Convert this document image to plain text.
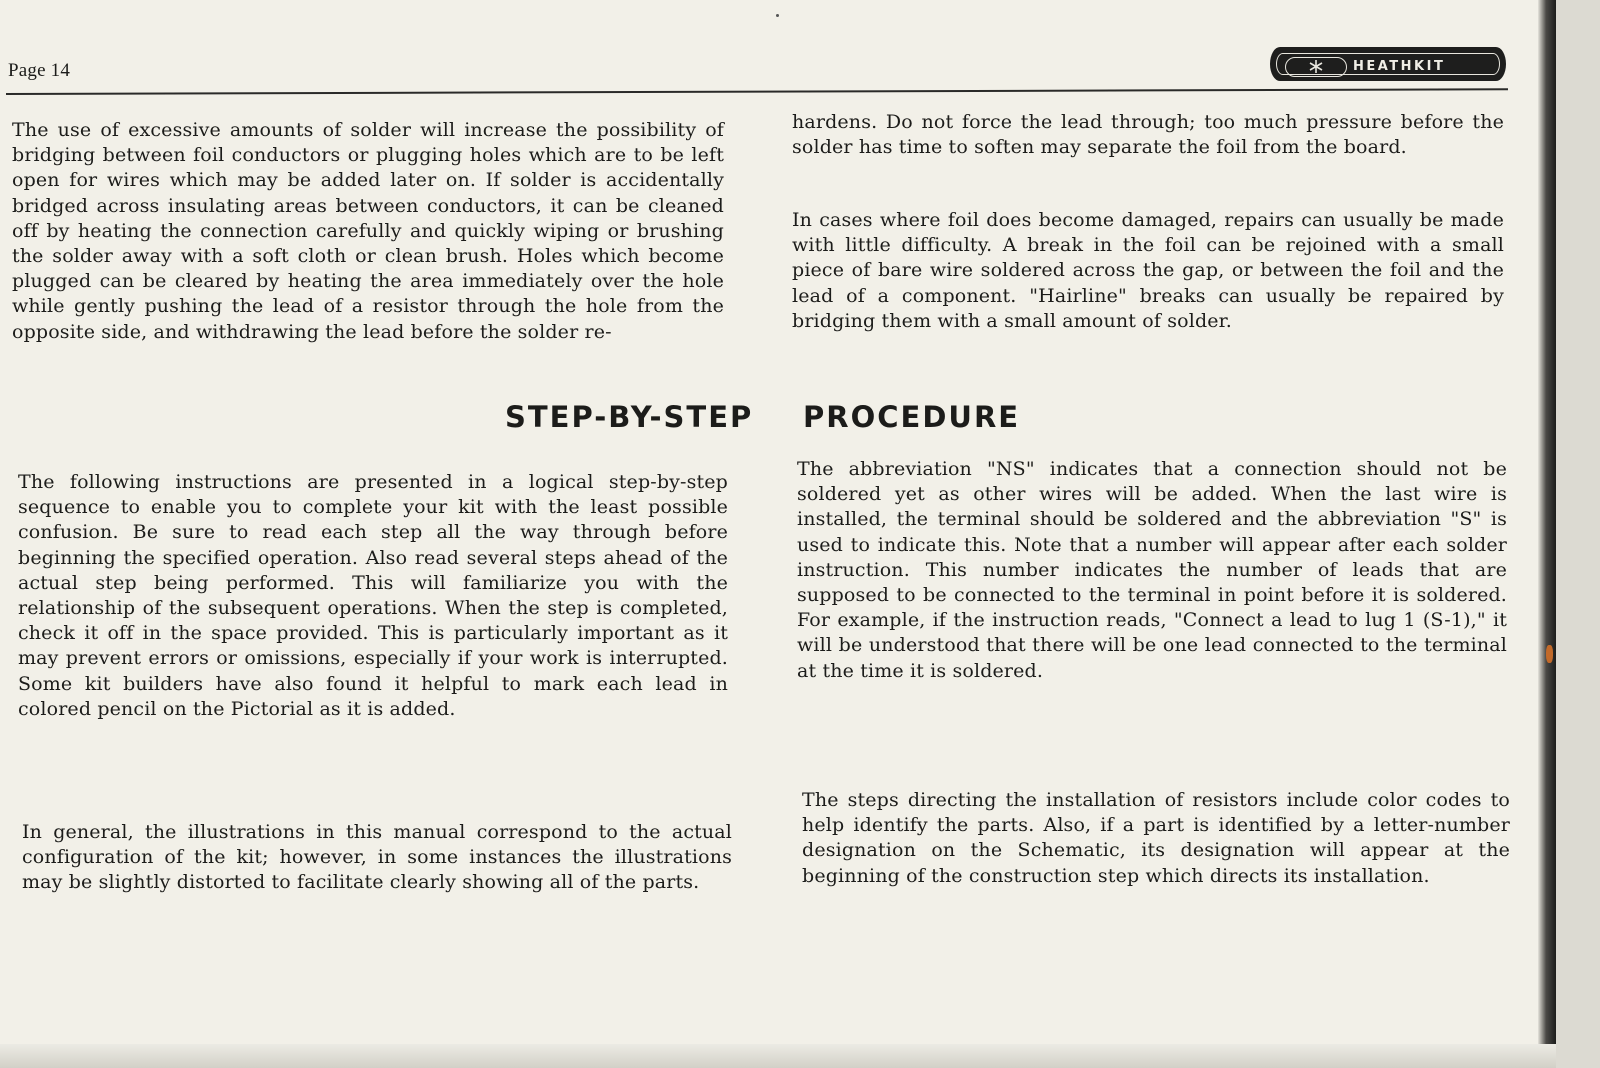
Page 14	HEATHKIT

The use of excessive amounts of solder will increase the possibility of bridging between foil conductors or plugging holes which are to be left open for wires which may be added later on. If solder is accidentally bridged across insulating areas between conductors, it can be cleaned off by heating the connection carefully and quickly wiping or brushing the solder away with a soft cloth or clean brush. Holes which become plugged can be cleared by heating the area immediately over the hole while gently pushing the lead of a resistor through the hole from the opposite side, and withdrawing the lead before the solder re-

hardens. Do not force the lead through; too much pressure before the solder has time to soften may separate the foil from the board.

In cases where foil does become damaged, repairs can usually be made with little difficulty. A break in the foil can be rejoined with a small piece of bare wire soldered across the gap, or between the foil and the lead of a component. "Hairline" breaks can usually be repaired by bridging them with a small amount of solder.

STEP-BY-STEP PROCEDURE

The following instructions are presented in a logical step-by-step sequence to enable you to complete your kit with the least possible confusion. Be sure to read each step all the way through before beginning the specified operation. Also read several steps ahead of the actual step being performed. This will familiarize you with the relationship of the subsequent operations. When the step is completed, check it off in the space provided. This is particularly important as it may prevent errors or omissions, especially if your work is interrupted. Some kit builders have also found it helpful to mark each lead in colored pencil on the Pictorial as it is added.

The abbreviation "NS" indicates that a connection should not be soldered yet as other wires will be added. When the last wire is installed, the terminal should be soldered and the abbreviation "S" is used to indicate this. Note that a number will appear after each solder instruction. This number indicates the number of leads that are supposed to be connected to the terminal in point before it is soldered. For example, if the instruction reads, "Connect a lead to lug 1 (S-1)," it will be understood that there will be one lead connected to the terminal at the time it is soldered.

In general, the illustrations in this manual correspond to the actual configuration of the kit; however, in some instances the illustrations may be slightly distorted to facilitate clearly showing all of the parts.

The steps directing the installation of resistors include color codes to help identify the parts. Also, if a part is identified by a letter-number designation on the Schematic, its designation will appear at the beginning of the construction step which directs its installation.
